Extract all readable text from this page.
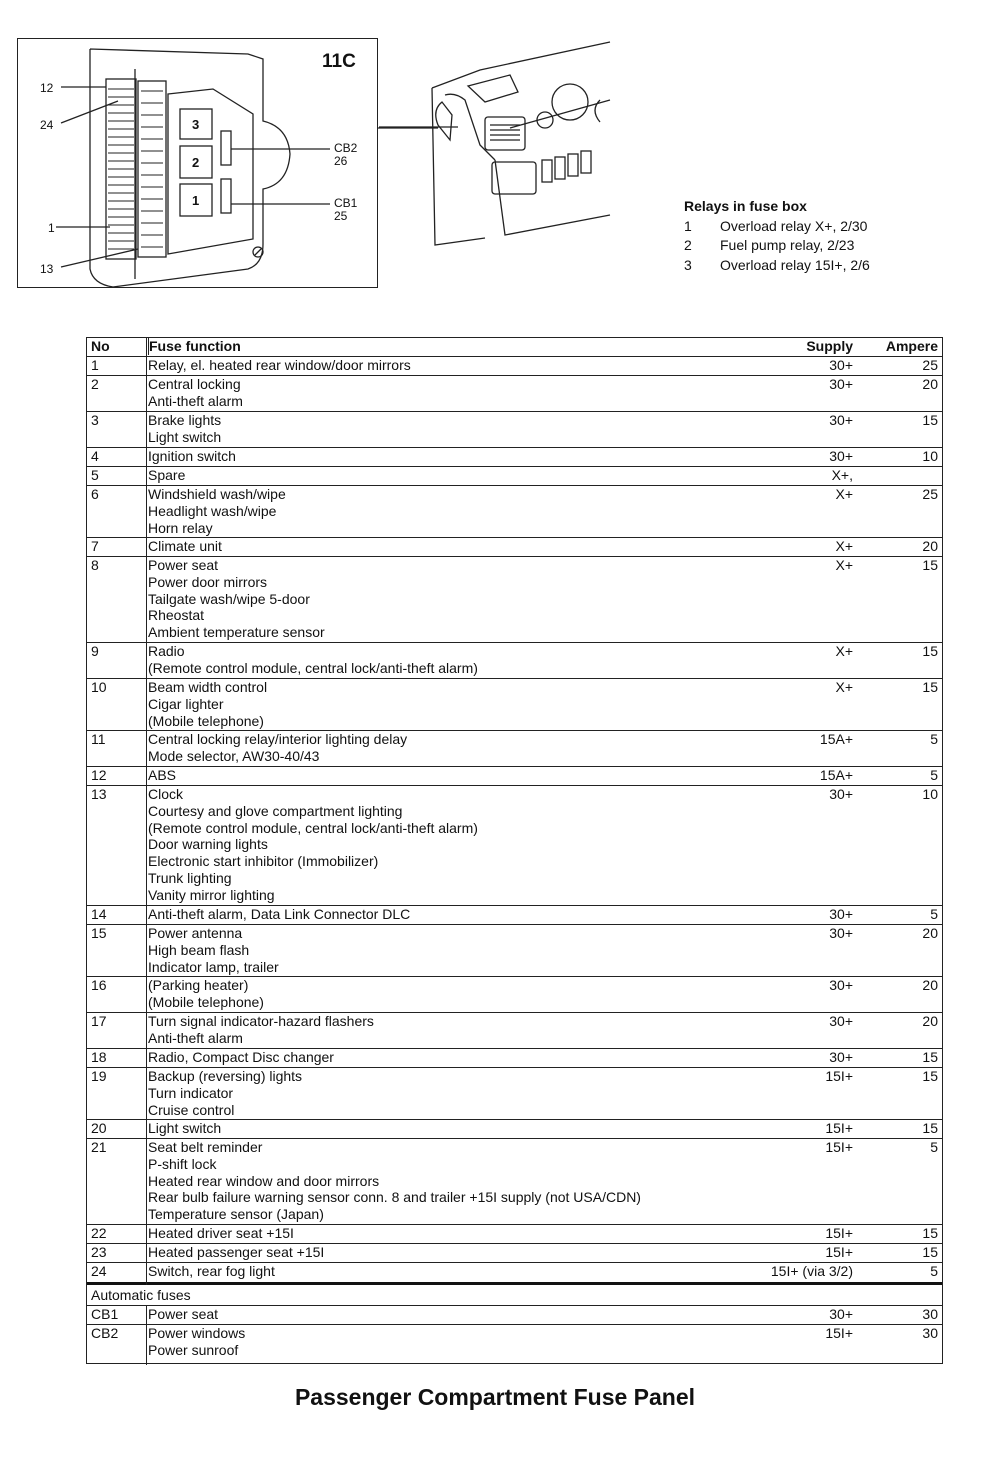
11C
12
24
1
13
CB2
26
CB1
25
3
2
1	Relays in fuse box
1	Overload relay X+, 2/30
2	Fuel pump relay, 2/23
3	Overload relay 15I+, 2/6
No	Fuse function	Supply	Ampere
1	Relay, el. heated rear window/door mirrors	30+	25
2	Central locking
Anti-theft alarm
30+	20
3	Brake lights
Light switch
30+	15
4	Ignition switch	30+	10
5	Spare	X+,
6	Windshield wash/wipe
Headlight wash/wipe
Horn relay
X+	25
7	Climate unit	X+	20
8	Power seat
Power door mirrors
Tailgate wash/wipe 5-door
Rheostat
Ambient temperature sensor
X+	15
9	Radio
(Remote control module, central lock/anti-theft alarm)
X+	15
10	Beam width control
Cigar lighter
(Mobile telephone)
X+	15
11	Central locking relay/interior lighting delay
Mode selector, AW30-40/43
15A+	5
12	ABS	15A+	5
13	Clock
Courtesy and glove compartment lighting
(Remote control module, central lock/anti-theft alarm)
Door warning lights
Electronic start inhibitor (Immobilizer)
Trunk lighting
Vanity mirror lighting
30+	10
14	Anti-theft alarm, Data Link Connector DLC	30+	5
15	Power antenna
High beam flash
Indicator lamp, trailer
30+	20
16	(Parking heater)
(Mobile telephone)
30+	20
17	Turn signal indicator-hazard flashers
Anti-theft alarm
30+	20
18	Radio, Compact Disc changer	30+	15
19	Backup (reversing) lights
Turn indicator
Cruise control
15I+	15
20	Light switch	15I+	15
21	Seat belt reminder
P-shift lock
Heated rear window and door mirrors
Rear bulb failure warning sensor conn. 8 and trailer +15I supply (not USA/CDN)
Temperature sensor (Japan)
15I+	5
22	Heated driver seat +15I	15I+	15
23	Heated passenger seat +15I	15I+	15
24	Switch, rear fog light	15I+ (via 3/2)	5
Automatic fuses
CB1 Power seat	30+	30
CB2 Power windows
Power sunroof
15I+	30
Passenger Compartment Fuse Panel
